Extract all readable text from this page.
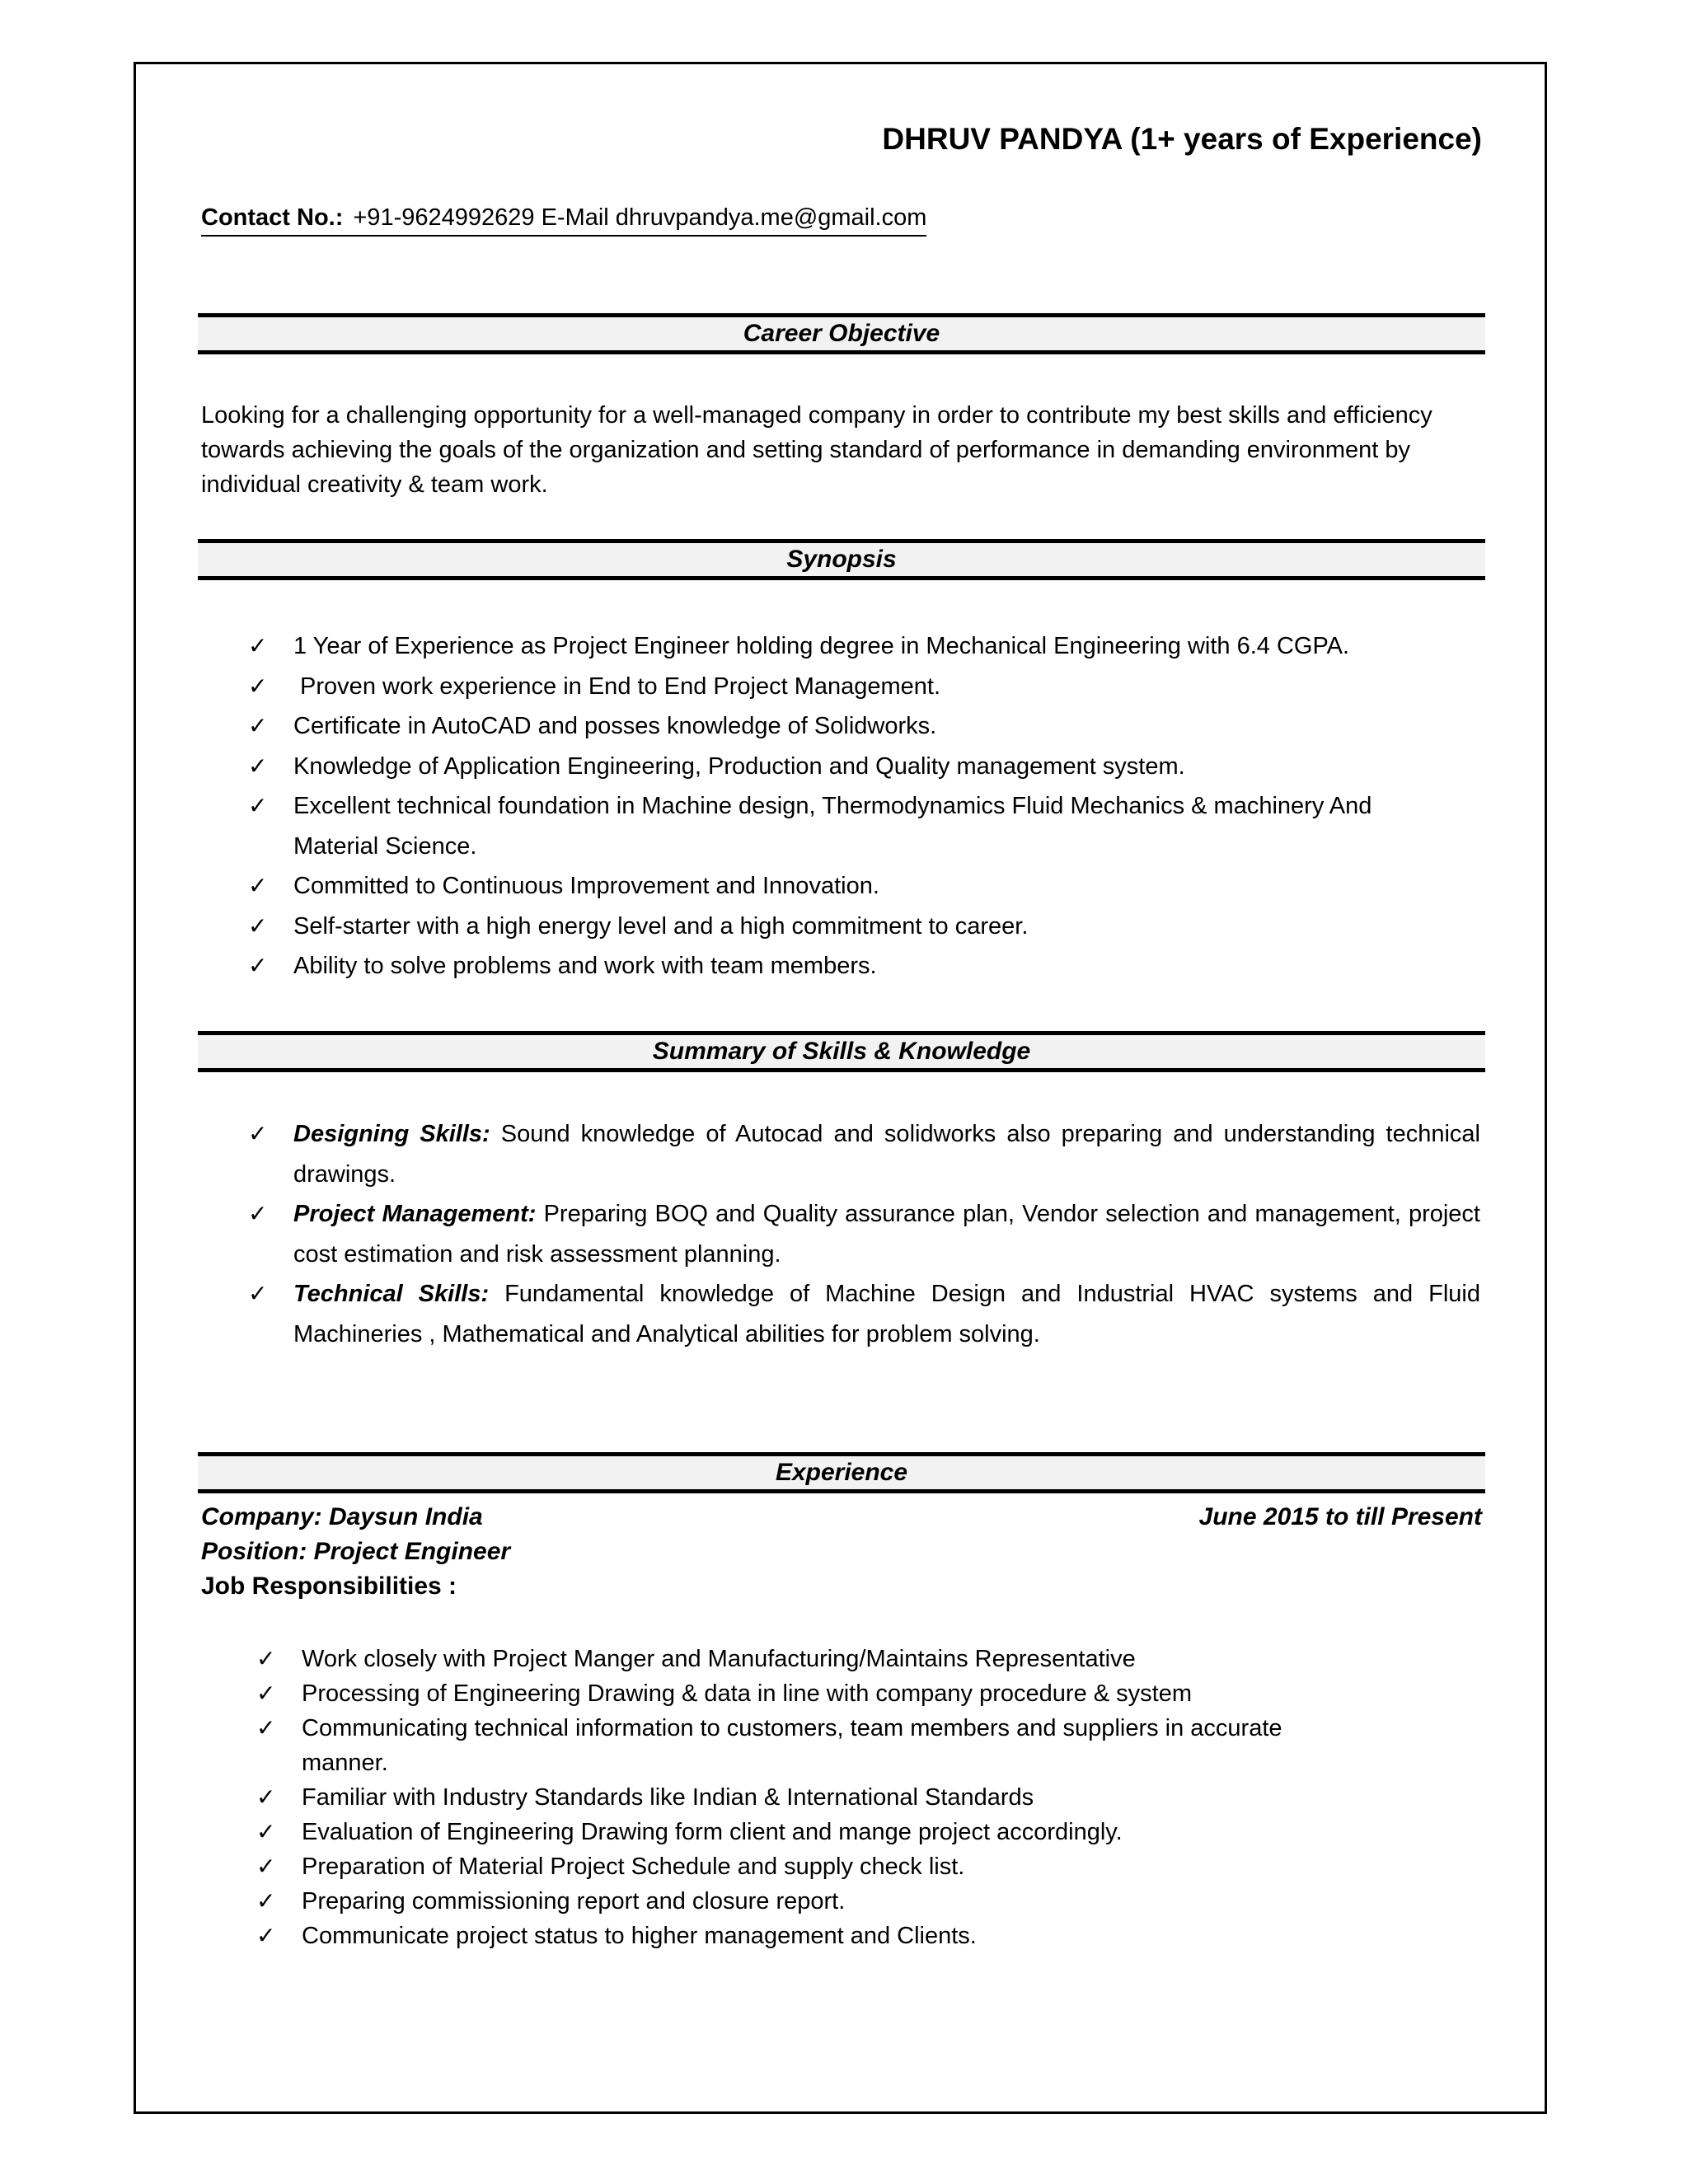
DHRUV PANDYA (1+ years of Experience)
Contact No.: +91-9624992629 E-Mail dhruvpandya.me@gmail.com
Career Objective
Looking for a challenging opportunity for a well-managed company in order to contribute my best skills and efficiency towards achieving the goals of the organization and setting standard of performance in demanding environment by individual creativity & team work.
Synopsis
✓ 1 Year of Experience as Project Engineer holding degree in Mechanical Engineering with 6.4 CGPA.
✓ Proven work experience in End to End Project Management.
✓ Certificate in AutoCAD and posses knowledge of Solidworks.
✓ Knowledge of Application Engineering, Production and Quality management system.
✓ Excellent technical foundation in Machine design, Thermodynamics Fluid Mechanics & machinery And Material Science.
✓ Committed to Continuous Improvement and Innovation.
✓ Self-starter with a high energy level and a high commitment to career.
✓ Ability to solve problems and work with team members.
Summary of Skills & Knowledge
✓ Designing Skills: Sound knowledge of Autocad and solidworks also preparing and understanding technical drawings.
✓ Project Management: Preparing BOQ and Quality assurance plan, Vendor selection and management, project cost estimation and risk assessment planning.
✓ Technical Skills: Fundamental knowledge of Machine Design and Industrial HVAC systems and Fluid Machineries , Mathematical and Analytical abilities for problem solving.
Experience
Company: Daysun India	June 2015 to till Present
Position: Project Engineer
Job Responsibilities :
✓ Work closely with Project Manger and Manufacturing/Maintains Representative
✓ Processing of Engineering Drawing & data in line with company procedure & system
✓ Communicating technical information to customers, team members and suppliers in accurate manner.
✓ Familiar with Industry Standards like Indian & International Standards
✓ Evaluation of Engineering Drawing form client and mange project accordingly.
✓ Preparation of Material Project Schedule and supply check list.
✓ Preparing commissioning report and closure report.
✓ Communicate project status to higher management and Clients.
